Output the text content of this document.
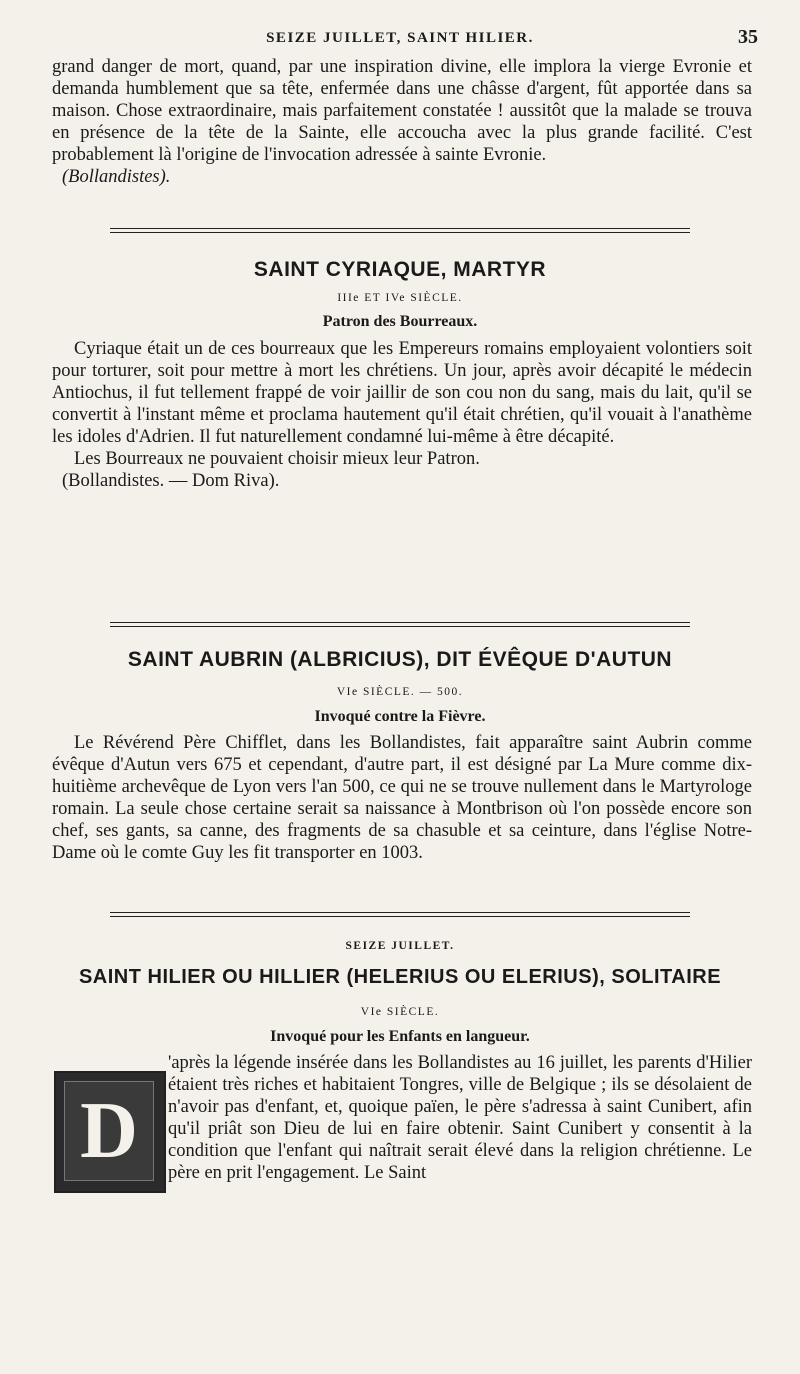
SEIZE JUILLET, SAINT HILIER.	35

grand danger de mort, quand, par une inspiration divine, elle implora la vierge Evronie et demanda humblement que sa tête, enfermée dans une châsse d'argent, fût apportée dans sa maison. Chose extraordinaire, mais parfaitement constatée ! aussitôt que la malade se trouva en présence de la tête de la Sainte, elle accoucha avec la plus grande facilité. C'est probablement là l'origine de l'invocation adressée à sainte Evronie.

(Bollandistes).

SAINT CYRIAQUE, MARTYR
IIIe ET IVe SIÈCLE.
Patron des Bourreaux.

Cyriaque était un de ces bourreaux que les Empereurs romains employaient volontiers soit pour torturer, soit pour mettre à mort les chrétiens. Un jour, après avoir décapité le médecin Antiochus, il fut tellement frappé de voir jaillir de son cou non du sang, mais du lait, qu'il se convertit à l'instant même et proclama hautement qu'il était chrétien, qu'il vouait à l'anathème les idoles d'Adrien. Il fut naturellement condamné lui-même à être décapité.

Les Bourreaux ne pouvaient choisir mieux leur Patron.

(Bollandistes. — Dom Riva).

SAINT AUBRIN (ALBRICIUS), DIT ÉVÊQUE D'AUTUN
VIe SIÈCLE. — 500.
Invoqué contre la Fièvre.

Le Révérend Père Chifflet, dans les Bollandistes, fait apparaître saint Aubrin comme évêque d'Autun vers 675 et cependant, d'autre part, il est désigné par La Mure comme dix-huitième archevêque de Lyon vers l'an 500, ce qui ne se trouve nullement dans le Martyrologe romain. La seule chose certaine serait sa naissance à Montbrison où l'on possède encore son chef, ses gants, sa canne, des fragments de sa chasuble et sa ceinture, dans l'église Notre-Dame où le comte Guy les fit transporter en 1003.

SEIZE JUILLET.
SAINT HILIER OU HILLIER (HELERIUS OU ELERIUS), SOLITAIRE
VIe SIÈCLE.
Invoqué pour les Enfants en langueur.
D

'après la légende insérée dans les Bollandistes au 16 juillet, les parents d'Hilier étaient très riches et habitaient Tongres, ville de Belgique ; ils se désolaient de n'avoir pas d'enfant, et, quoique païen, le père s'adressa à saint Cunibert, afin qu'il priât son Dieu de lui en faire obtenir. Saint Cunibert y consentit à la condition que l'enfant qui naîtrait serait élevé dans la religion chrétienne. Le père en prit l'engagement. Le Saint
